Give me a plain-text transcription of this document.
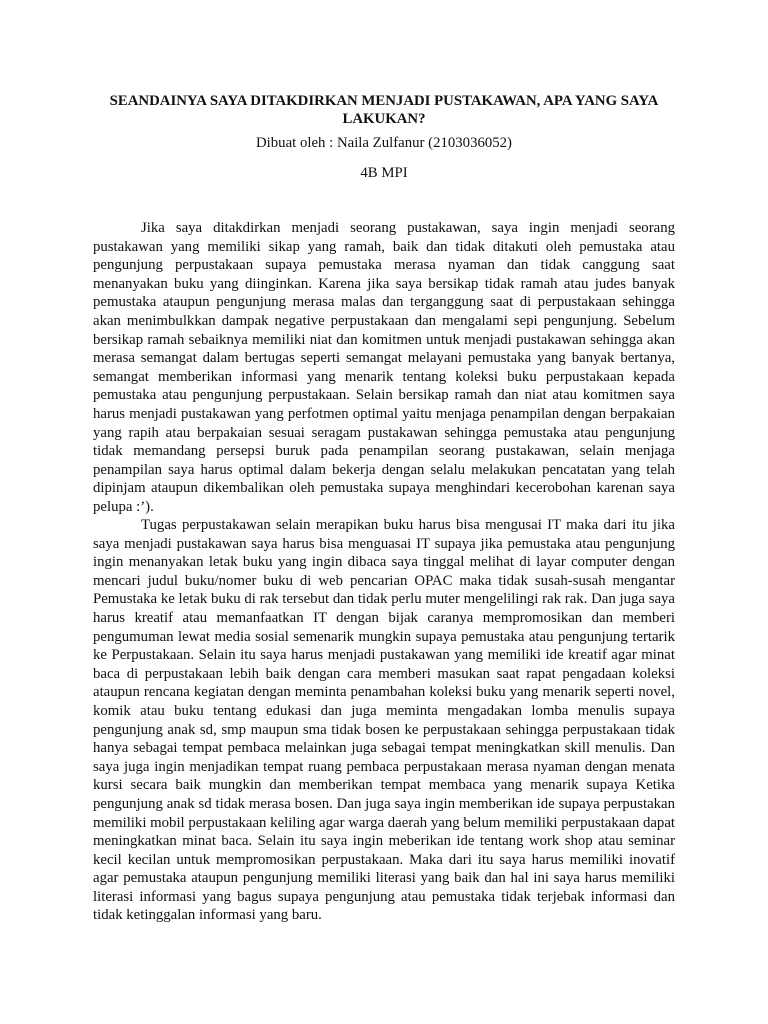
SEANDAINYA SAYA DITAKDIRKAN MENJADI PUSTAKAWAN, APA YANG SAYA LAKUKAN?

Dibuat oleh : Naila Zulfanur (2103036052)

4B MPI

Jika saya ditakdirkan menjadi seorang pustakawan, saya ingin menjadi seorang pustakawan yang memiliki sikap yang ramah, baik dan tidak ditakuti oleh pemustaka atau pengunjung perpustakaan supaya pemustaka merasa nyaman dan tidak canggung saat menanyakan buku yang diinginkan. Karena jika saya bersikap tidak ramah atau judes banyak pemustaka ataupun pengunjung merasa malas dan terganggung saat di perpustakaan sehingga akan menimbulkkan dampak negative perpustakaan dan mengalami sepi pengunjung. Sebelum bersikap ramah sebaiknya memiliki niat dan komitmen untuk menjadi pustakawan sehingga akan merasa semangat dalam bertugas seperti semangat melayani pemustaka yang banyak bertanya, semangat memberikan informasi yang menarik tentang koleksi buku perpustakaan kepada pemustaka atau pengunjung perpustakaan. Selain bersikap ramah dan niat atau komitmen saya harus menjadi pustakawan yang perfotmen optimal yaitu menjaga penampilan dengan berpakaian yang rapih atau berpakaian sesuai seragam pustakawan sehingga pemustaka atau pengunjung tidak memandang persepsi buruk pada penampilan seorang pustakawan, selain menjaga penampilan saya harus optimal dalam bekerja dengan selalu melakukan pencatatan yang telah dipinjam ataupun dikembalikan oleh pemustaka supaya menghindari kecerobohan karenan saya pelupa :’).

Tugas perpustakawan selain merapikan buku harus bisa mengusai IT maka dari itu jika saya menjadi pustakawan saya harus bisa menguasai IT supaya jika pemustaka atau pengunjung ingin menanyakan letak buku yang ingin dibaca saya tinggal melihat di layar computer dengan mencari judul buku/nomer buku di web pencarian OPAC maka tidak susah-susah mengantar Pemustaka ke letak buku di rak tersebut dan tidak perlu muter mengelilingi rak rak. Dan juga saya harus kreatif atau memanfaatkan IT dengan bijak caranya mempromosikan dan memberi pengumuman lewat media sosial semenarik mungkin supaya pemustaka atau pengunjung tertarik ke Perpustakaan. Selain itu saya harus menjadi pustakawan yang memiliki ide kreatif agar minat baca di perpustakaan lebih baik dengan cara memberi masukan saat rapat pengadaan koleksi ataupun rencana kegiatan dengan meminta penambahan koleksi buku yang menarik seperti novel, komik atau buku tentang edukasi dan juga meminta mengadakan lomba menulis supaya pengunjung anak sd, smp maupun sma tidak bosen ke perpustakaan sehingga perpustakaan tidak hanya sebagai tempat pembaca melainkan juga sebagai tempat meningkatkan skill menulis. Dan saya juga ingin menjadikan tempat ruang pembaca perpustakaan merasa nyaman dengan menata kursi secara baik mungkin dan memberikan tempat membaca yang menarik supaya Ketika pengunjung anak sd tidak merasa bosen. Dan juga saya ingin memberikan ide supaya perpustakan memiliki mobil perpustakaan keliling agar warga daerah yang belum memiliki perpustakaan dapat meningkatkan minat baca. Selain itu saya ingin meberikan ide tentang work shop atau seminar kecil kecilan untuk mempromosikan perpustakaan. Maka dari itu saya harus memiliki inovatif agar pemustaka ataupun pengunjung memiliki literasi yang baik dan hal ini saya harus memiliki literasi informasi yang bagus supaya pengunjung atau pemustaka tidak terjebak informasi dan tidak ketinggalan informasi yang baru.
